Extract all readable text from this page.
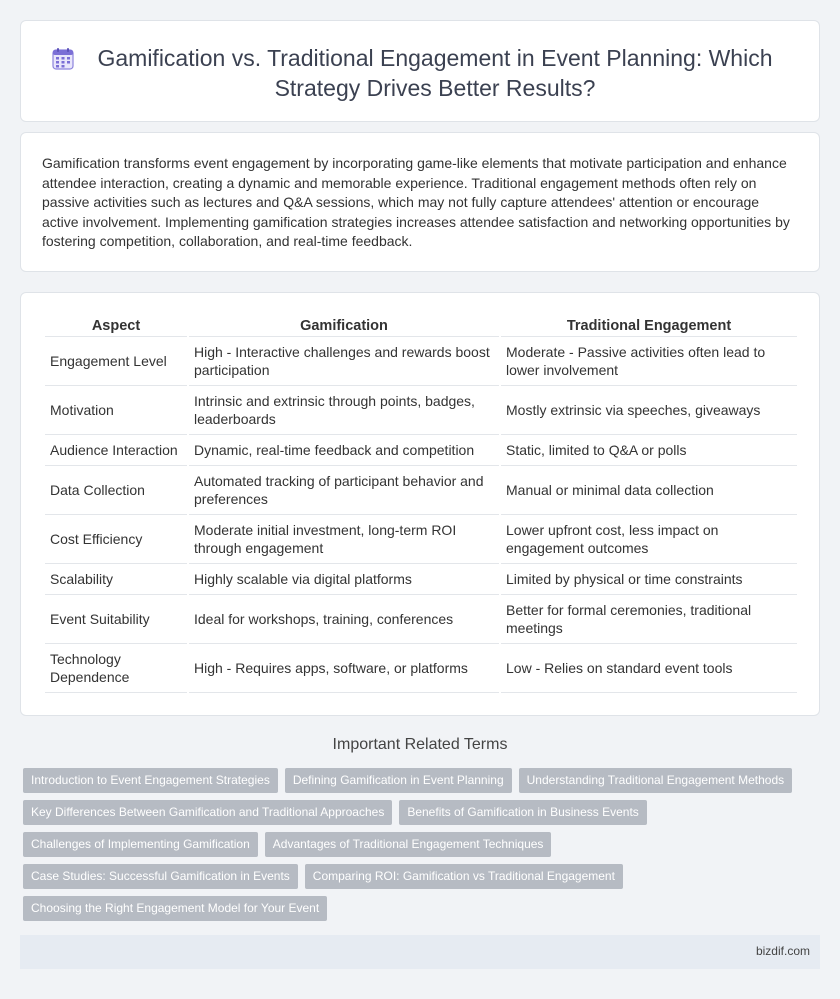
Gamification vs. Traditional Engagement in Event Planning: Which Strategy Drives Better Results?

Gamification transforms event engagement by incorporating game-like elements that motivate participation and enhance attendee interaction, creating a dynamic and memorable experience. Traditional engagement methods often rely on passive activities such as lectures and Q&A sessions, which may not fully capture attendees' attention or encourage active involvement. Implementing gamification strategies increases attendee satisfaction and networking opportunities by fostering competition, collaboration, and real-time feedback.

Aspect	Gamification	Traditional Engagement
Engagement Level	High - Interactive challenges and rewards boost participation	Moderate - Passive activities often lead to lower involvement
Motivation	Intrinsic and extrinsic through points, badges, leaderboards	Mostly extrinsic via speeches, giveaways
Audience Interaction	Dynamic, real-time feedback and competition	Static, limited to Q&A or polls
Data Collection	Automated tracking of participant behavior and preferences	Manual or minimal data collection
Cost Efficiency	Moderate initial investment, long-term ROI through engagement	Lower upfront cost, less impact on engagement outcomes
Scalability	Highly scalable via digital platforms	Limited by physical or time constraints
Event Suitability	Ideal for workshops, training, conferences	Better for formal ceremonies, traditional meetings
Technology Dependence	High - Requires apps, software, or platforms	Low - Relies on standard event tools
Important Related Terms
Introduction to Event Engagement Strategies Defining Gamification in Event Planning Understanding Traditional Engagement Methods
Key Differences Between Gamification and Traditional Approaches Benefits of Gamification in Business Events
Challenges of Implementing Gamification Advantages of Traditional Engagement Techniques
Case Studies: Successful Gamification in Events Comparing ROI: Gamification vs Traditional Engagement
Choosing the Right Engagement Model for Your Event
bizdif.com
